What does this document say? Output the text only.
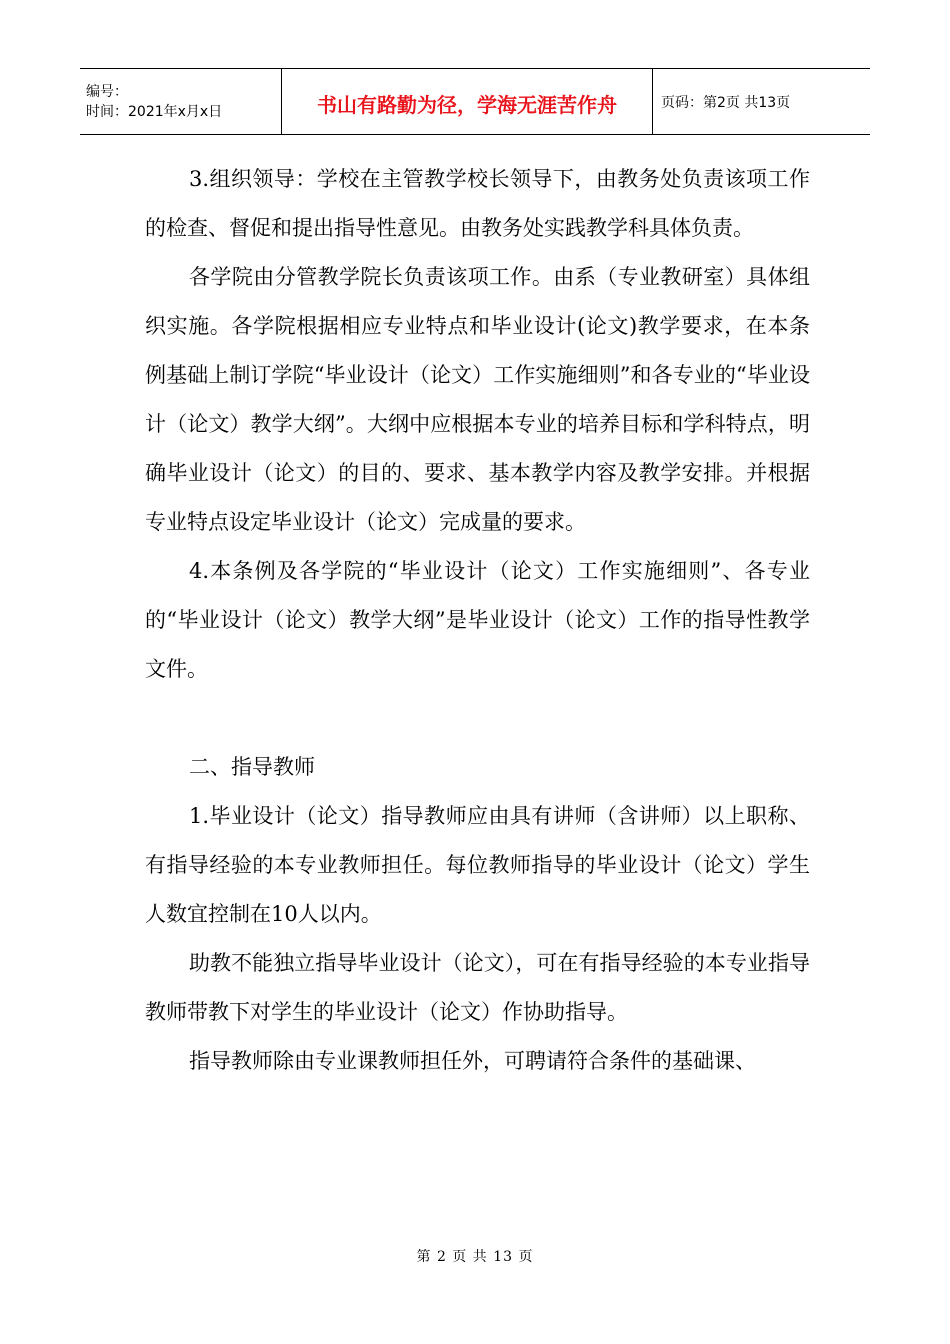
编号：
时间：2021年x月x日	书山有路勤为径，学海无涯苦作舟	页码：第2页 共13页

3.组织领导：学校在主管教学校长领导下，由教务处负责该项工作的检查、督促和提出指导性意见。由教务处实践教学科具体负责。

各学院由分管教学院长负责该项工作。由系（专业教研室）具体组织实施。各学院根据相应专业特点和毕业设计(论文)教学要求，在本条例基础上制订学院“毕业设计（论文）工作实施细则”和各专业的“毕业设计（论文）教学大纲”。大纲中应根据本专业的培养目标和学科特点，明确毕业设计（论文）的目的、要求、基本教学内容及教学安排。并根据专业特点设定毕业设计（论文）完成量的要求。

4.本条例及各学院的“毕业设计（论文）工作实施细则”、各专业的“毕业设计（论文）教学大纲”是毕业设计（论文）工作的指导性教学文件。

二、指导教师

1.毕业设计（论文）指导教师应由具有讲师（含讲师）以上职称、有指导经验的本专业教师担任。每位教师指导的毕业设计（论文）学生人数宜控制在10人以内。

助教不能独立指导毕业设计（论文），可在有指导经验的本专业指导教师带教下对学生的毕业设计（论文）作协助指导。

指导教师除由专业课教师担任外，可聘请符合条件的基础课、

第 2 页 共 13 页
